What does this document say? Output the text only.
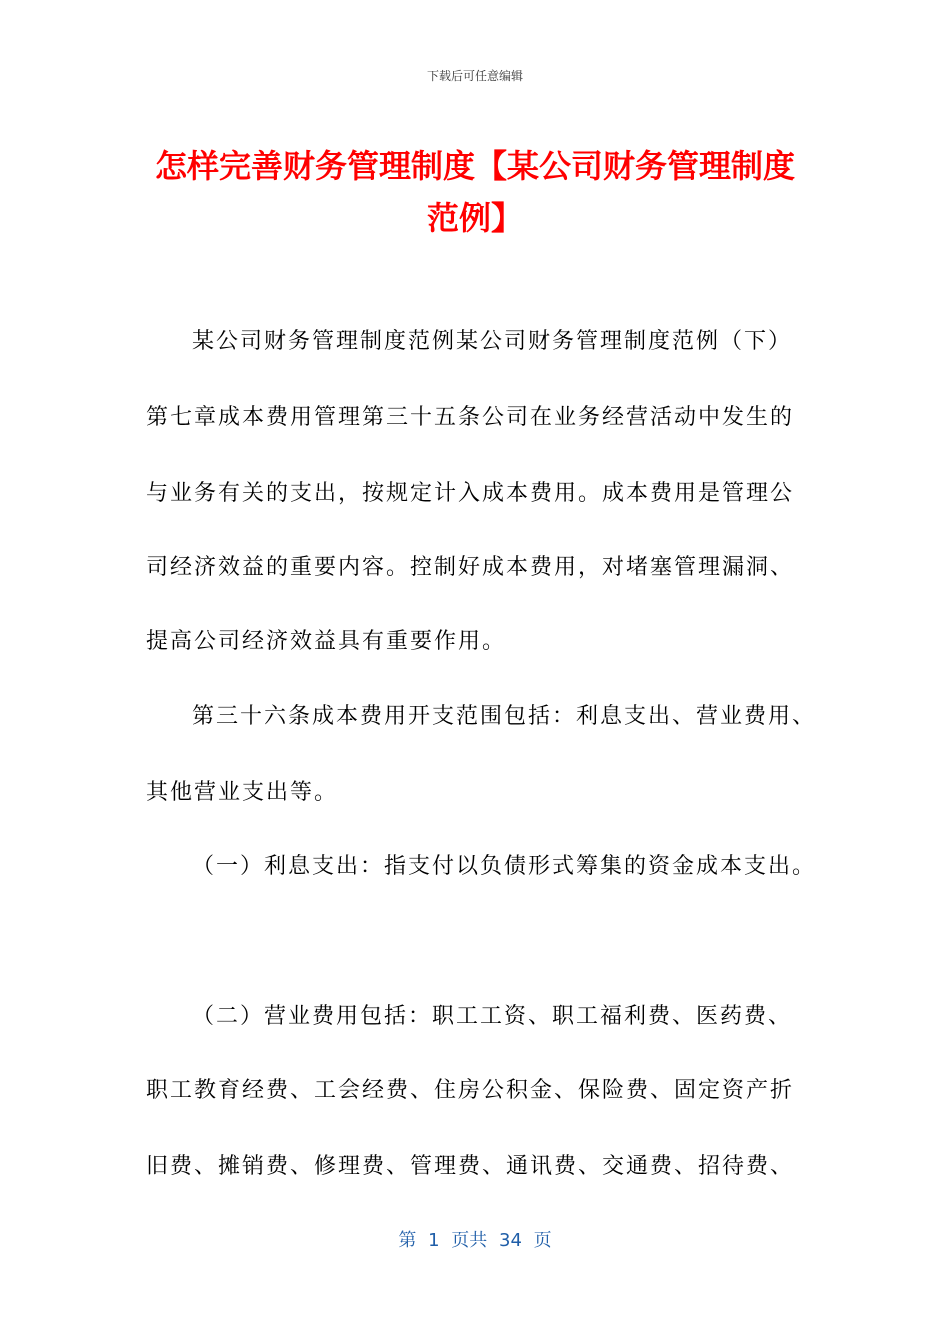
下载后可任意编辑
怎样完善财务管理制度【某公司财务管理制度范例】
某公司财务管理制度范例某公司财务管理制度范例（下）
第七章成本费用管理第三十五条公司在业务经营活动中发生的
与业务有关的支出，按规定计入成本费用。成本费用是管理公
司经济效益的重要内容。控制好成本费用，对堵塞管理漏洞、
提高公司经济效益具有重要作用。
第三十六条成本费用开支范围包括：利息支出、营业费用、
其他营业支出等。
（一）利息支出：指支付以负债形式筹集的资金成本支出。
（二）营业费用包括：职工工资、职工福利费、医药费、
职工教育经费、工会经费、住房公积金、保险费、固定资产折
旧费、摊销费、修理费、管理费、通讯费、交通费、招待费、
第 1 页共 34 页
